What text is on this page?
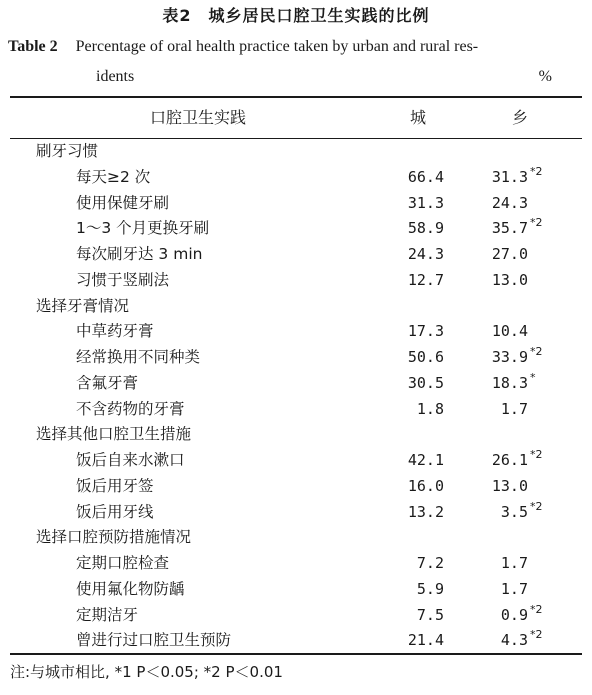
表2　城乡居民口腔卫生实践的比例
Table 2 Percentage of oral health practice taken by urban and rural res-
idents	%
口腔卫生实践	城	乡
刷牙习惯
每天≥2 次	66.4	31.3 *2
使用保健牙刷	31.3	24.3
1～3 个月更换牙刷	58.9	35.7 *2
每次刷牙达 3 min	24.3	27.0
习惯于竖刷法	12.7	13.0
选择牙膏情况
中草药牙膏	17.3	10.4
经常换用不同种类	50.6	33.9 *2
含氟牙膏	30.5	18.3 *
不含药物的牙膏	1.8	1.7
选择其他口腔卫生措施
饭后自来水漱口	42.1	26.1 *2
饭后用牙签	16.0	13.0
饭后用牙线	13.2	3.5 *2
选择口腔预防措施情况
定期口腔检查	7.2	1.7
使用氟化物防龋	5.9	1.7
定期洁牙	7.5	0.9 *2
曾进行过口腔卫生预防	21.4	4.3 *2
注:与城市相比, *1 P＜0.05; *2 P＜0.01
